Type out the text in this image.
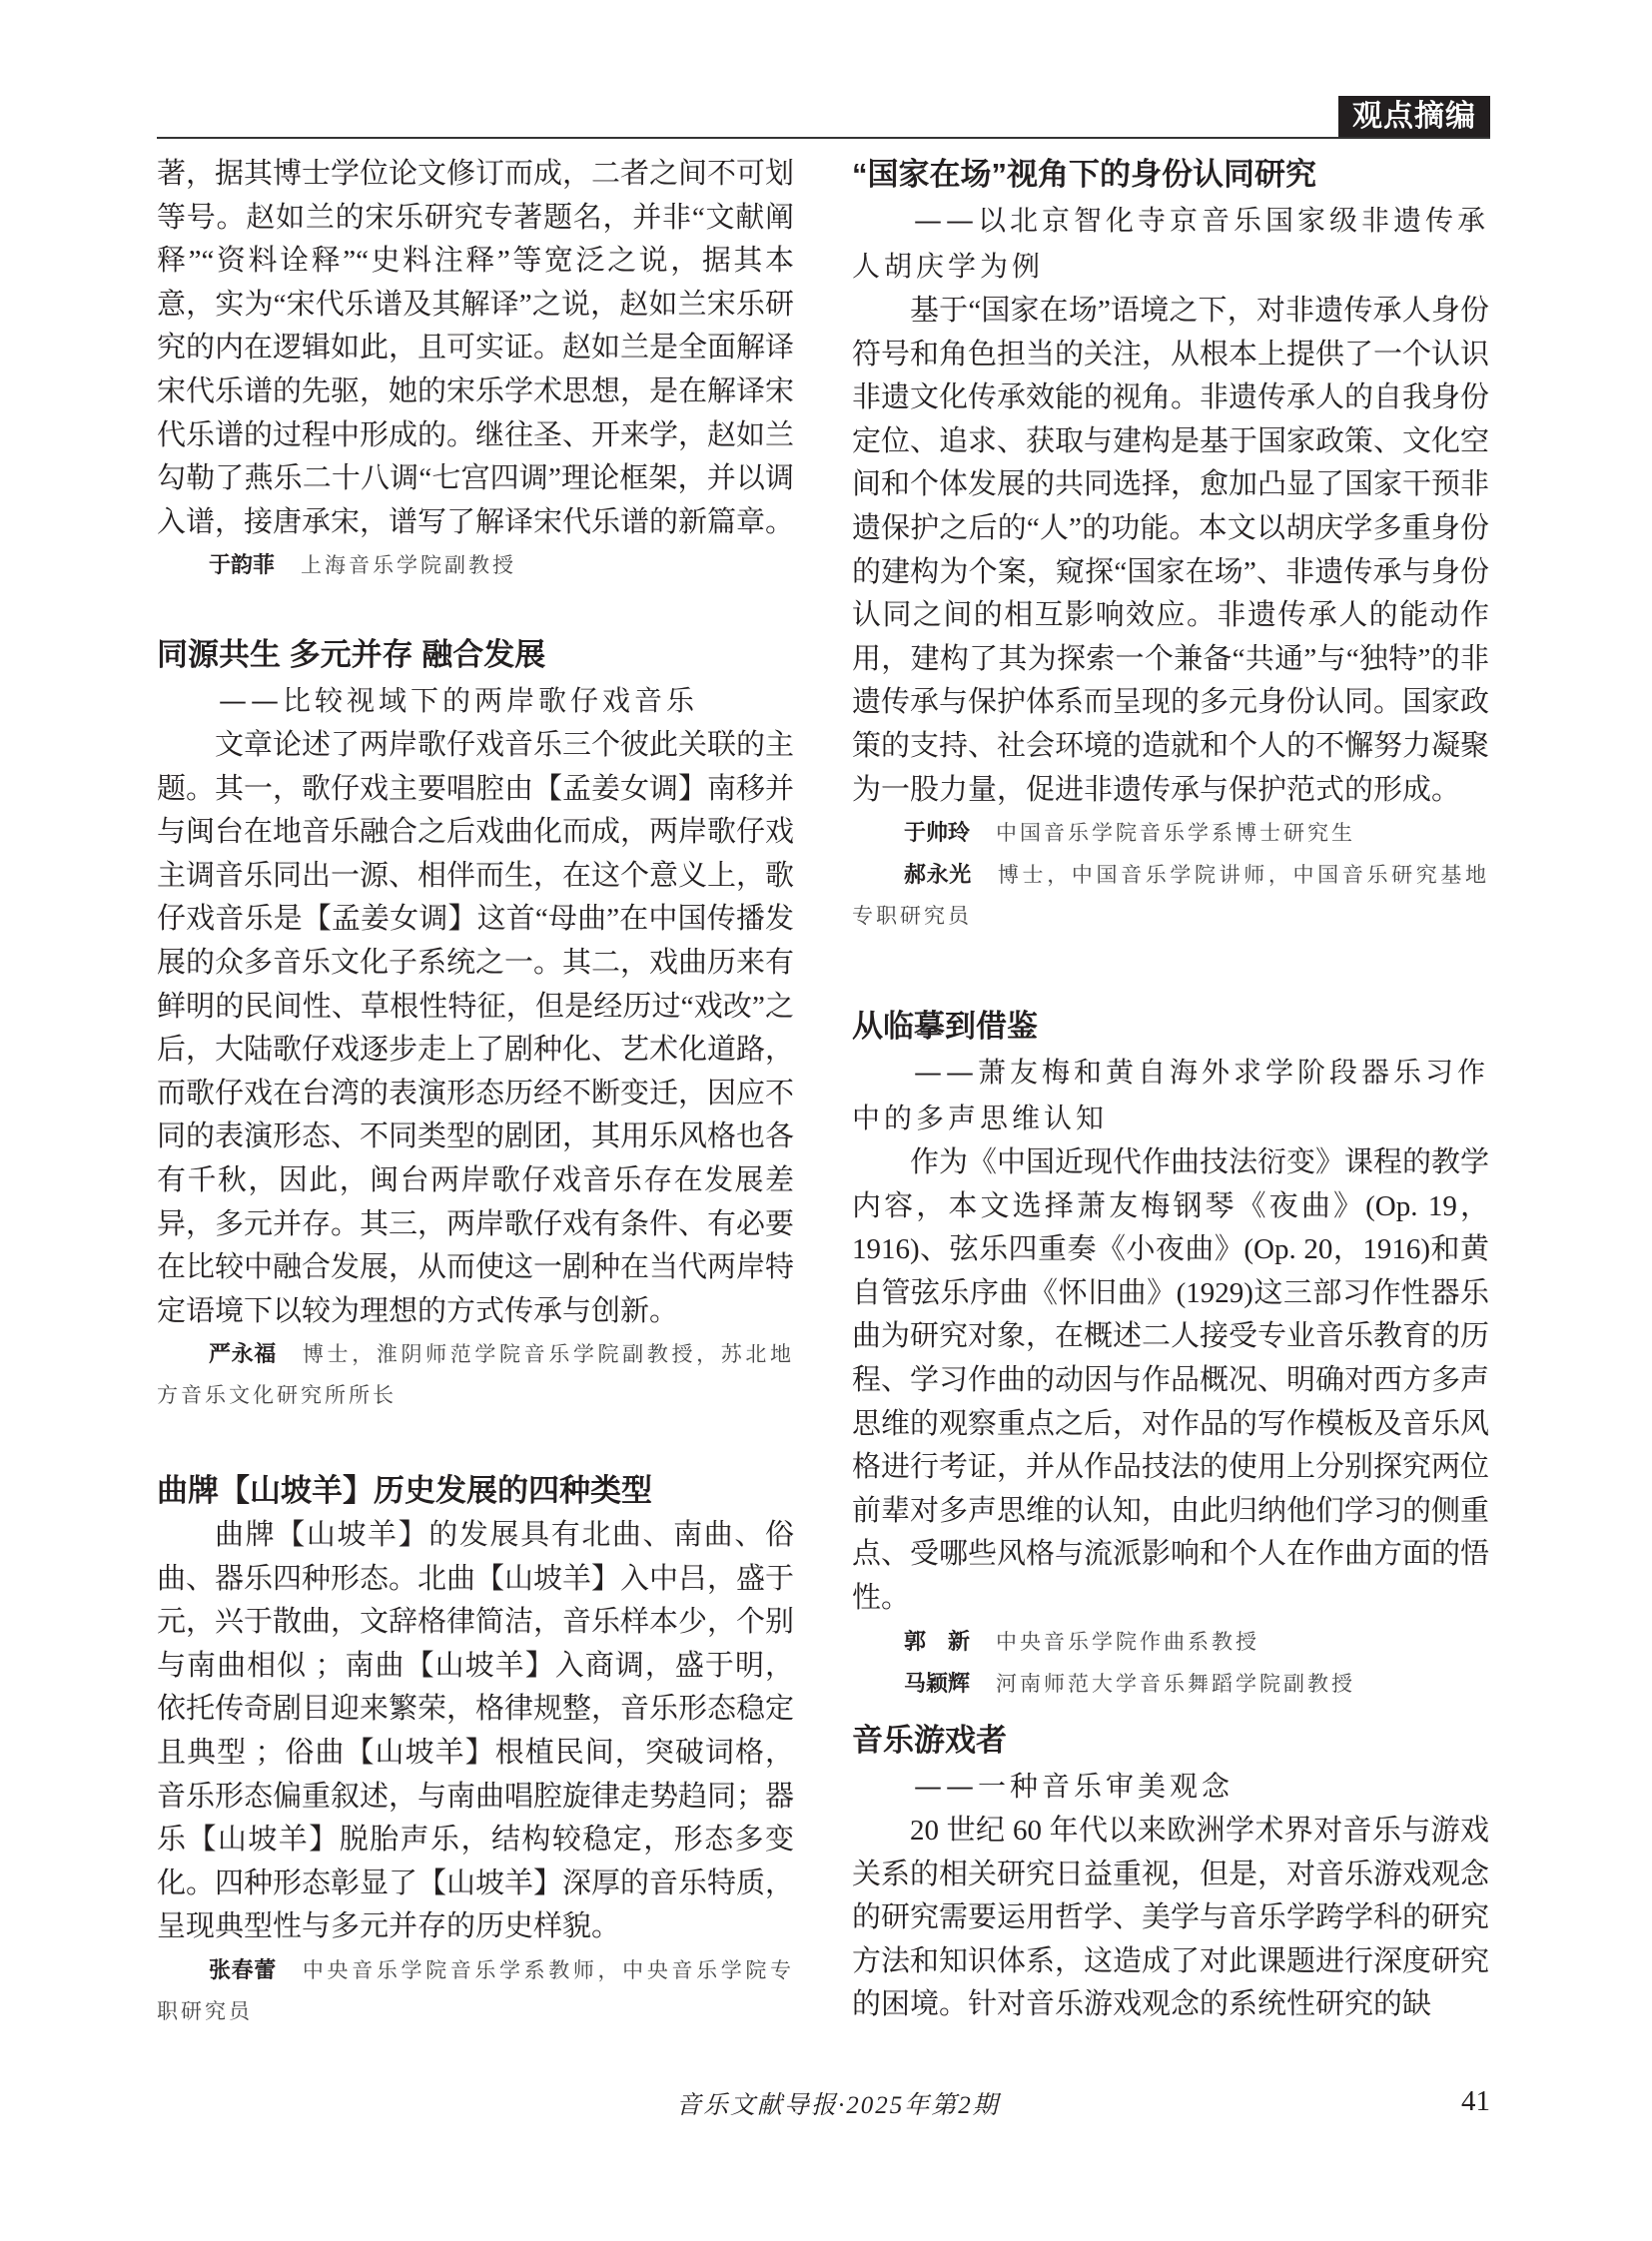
观点摘编

著，据其博士学位论文修订而成，二者之间不可划等号。赵如兰的宋乐研究专著题名，并非“文献阐释”“资料诠释”“史料注释”等宽泛之说，据其本意，实为“宋代乐谱及其解译”之说，赵如兰宋乐研究的内在逻辑如此，且可实证。赵如兰是全面解译宋代乐谱的先驱，她的宋乐学术思想，是在解译宋代乐谱的过程中形成的。继往圣、开来学，赵如兰勾勒了燕乐二十八调“七宫四调”理论框架，并以调入谱，接唐承宋，谱写了解译宋代乐谱的新篇章。

于韵菲 上海音乐学院副教授

同源共生 多元并存 融合发展

——比较视域下的两岸歌仔戏音乐

文章论述了两岸歌仔戏音乐三个彼此关联的主题。其一，歌仔戏主要唱腔由【孟姜女调】南移并与闽台在地音乐融合之后戏曲化而成，两岸歌仔戏主调音乐同出一源、相伴而生，在这个意义上，歌仔戏音乐是【孟姜女调】这首“母曲”在中国传播发展的众多音乐文化子系统之一。其二，戏曲历来有鲜明的民间性、草根性特征，但是经历过“戏改”之后，大陆歌仔戏逐步走上了剧种化、艺术化道路，而歌仔戏在台湾的表演形态历经不断变迁，因应不同的表演形态、不同类型的剧团，其用乐风格也各有千秋，因此，闽台两岸歌仔戏音乐存在发展差异，多元并存。其三，两岸歌仔戏有条件、有必要在比较中融合发展，从而使这一剧种在当代两岸特定语境下以较为理想的方式传承与创新。

严永福 博士，淮阴师范学院音乐学院副教授，苏北地方音乐文化研究所所长

曲牌【山坡羊】历史发展的四种类型

曲牌【山坡羊】的发展具有北曲、南曲、俗曲、器乐四种形态。北曲【山坡羊】入中吕，盛于元，兴于散曲，文辞格律简洁，音乐样本少，个别与南曲相似 ；南曲【山坡羊】入商调，盛于明，依托传奇剧目迎来繁荣，格律规整，音乐形态稳定且典型 ；俗曲【山坡羊】根植民间，突破词格，音乐形态偏重叙述，与南曲唱腔旋律走势趋同；器乐【山坡羊】脱胎声乐，结构较稳定，形态多变化。四种形态彰显了【山坡羊】深厚的音乐特质，呈现典型性与多元并存的历史样貌。

张春蕾 中央音乐学院音乐学系教师，中央音乐学院专职研究员

“国家在场”视角下的身份认同研究

——以北京智化寺京音乐国家级非遗传承人胡庆学为例

基于“国家在场”语境之下，对非遗传承人身份符号和角色担当的关注，从根本上提供了一个认识非遗文化传承效能的视角。非遗传承人的自我身份定位、追求、获取与建构是基于国家政策、文化空间和个体发展的共同选择，愈加凸显了国家干预非遗保护之后的“人”的功能。本文以胡庆学多重身份的建构为个案，窥探“国家在场”、非遗传承与身份认同之间的相互影响效应。非遗传承人的能动作用，建构了其为探索一个兼备“共通”与“独特”的非遗传承与保护体系而呈现的多元身份认同。国家政策的支持、社会环境的造就和个人的不懈努力凝聚为一股力量，促进非遗传承与保护范式的形成。

于帅玲 中国音乐学院音乐学系博士研究生

郝永光 博士，中国音乐学院讲师，中国音乐研究基地专职研究员

从临摹到借鉴

——萧友梅和黄自海外求学阶段器乐习作中的多声思维认知

作为《中国近现代作曲技法衍变》课程的教学内容，本文选择萧友梅钢琴《夜曲》(Op. 19，1916)、弦乐四重奏《小夜曲》(Op. 20，1916)和黄自管弦乐序曲《怀旧曲》(1929)这三部习作性器乐曲为研究对象，在概述二人接受专业音乐教育的历程、学习作曲的动因与作品概况、明确对西方多声思维的观察重点之后，对作品的写作模板及音乐风格进行考证，并从作品技法的使用上分别探究两位前辈对多声思维的认知，由此归纳他们学习的侧重点、受哪些风格与流派影响和个人在作曲方面的悟性。

郭　新 中央音乐学院作曲系教授

马颖辉 河南师范大学音乐舞蹈学院副教授

音乐游戏者

——一种音乐审美观念

20 世纪 60 年代以来欧洲学术界对音乐与游戏关系的相关研究日益重视，但是，对音乐游戏观念的研究需要运用哲学、美学与音乐学跨学科的研究方法和知识体系，这造成了对此课题进行深度研究的困境。针对音乐游戏观念的系统性研究的缺

音乐文献导报·2025年第2期	41
